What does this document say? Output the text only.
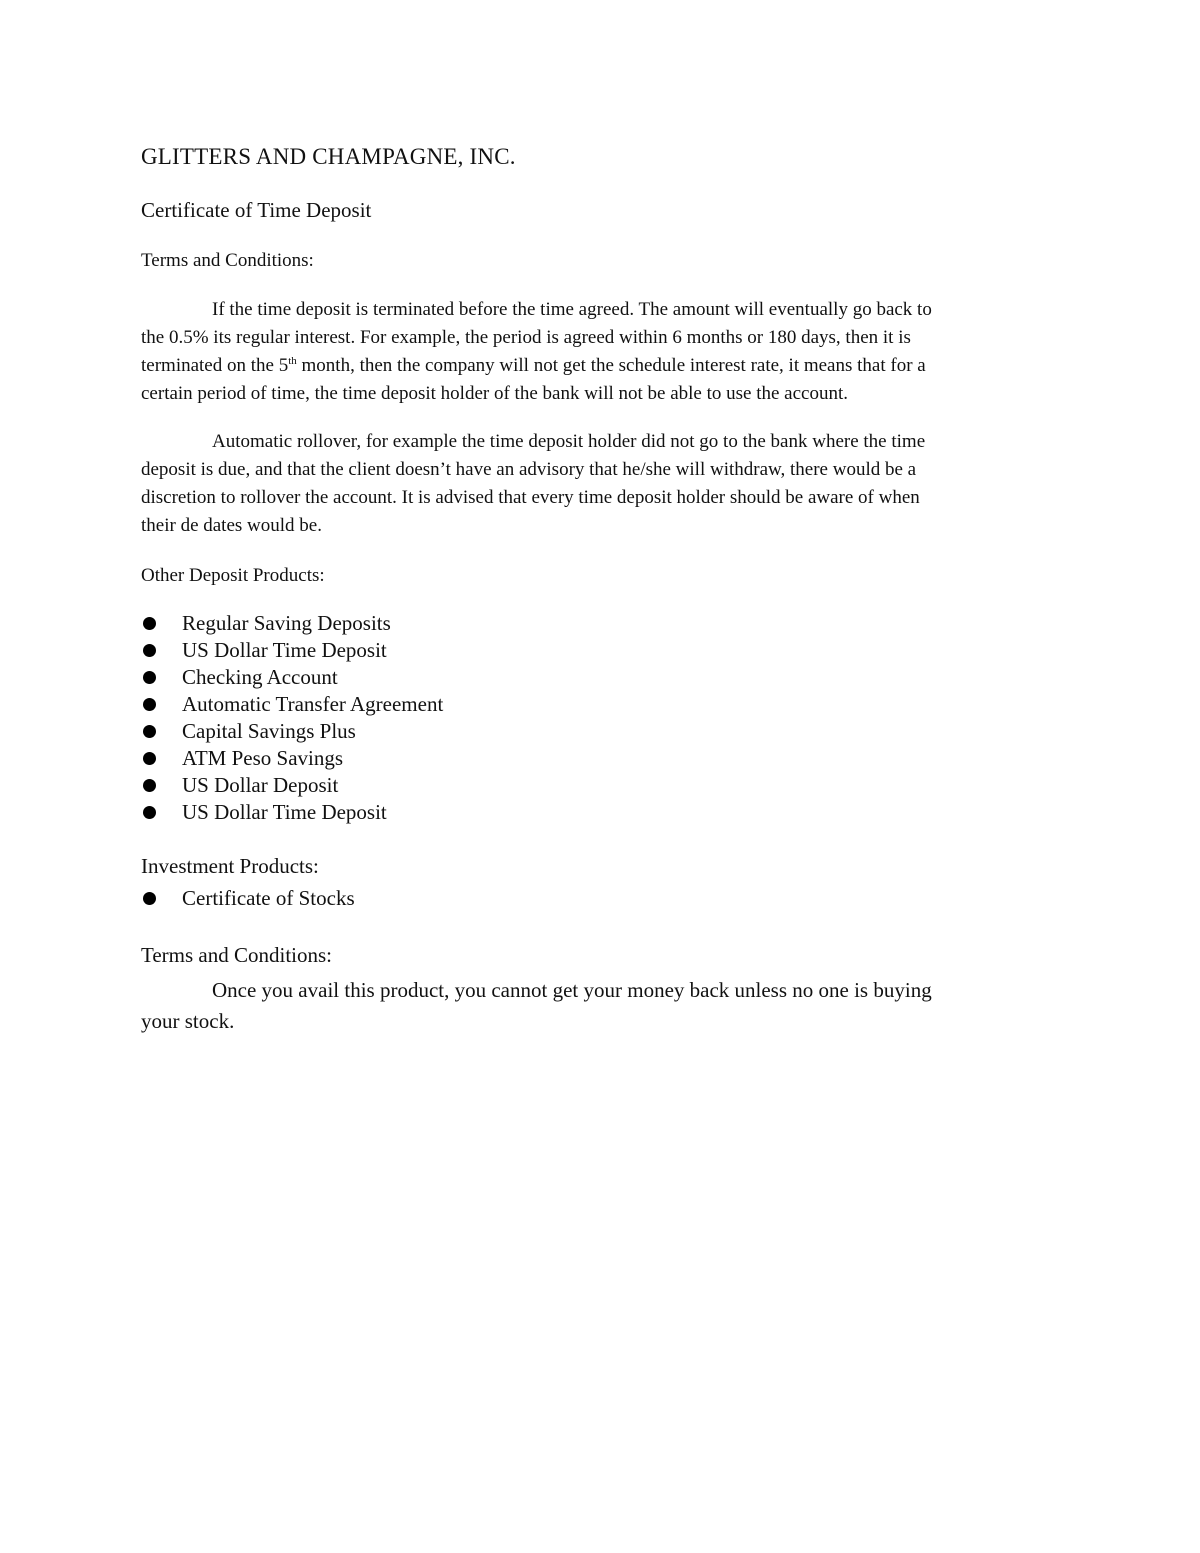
GLITTERS AND CHAMPAGNE, INC.
Certificate of Time Deposit
Terms and Conditions:
If the time deposit is terminated before the time agreed. The amount will eventually go back to
the 0.5% its regular interest. For example, the period is agreed within 6 months or 180 days, then it is
terminated on the 5th month, then the company will not get the schedule interest rate, it means that for a
certain period of time, the time deposit holder of the bank will not be able to use the account.
Automatic rollover, for example the time deposit holder did not go to the bank where the time
deposit is due, and that the client doesn’t have an advisory that he/she will withdraw, there would be a
discretion to rollover the account. It is advised that every time deposit holder should be aware of when
their de dates would be.
Other Deposit Products:
Regular Saving Deposits
US Dollar Time Deposit
Checking Account
Automatic Transfer Agreement
Capital Savings Plus
ATM Peso Savings
US Dollar Deposit
US Dollar Time Deposit
Investment Products:
Certificate of Stocks
Terms and Conditions:
Once you avail this product, you cannot get your money back unless no one is buying
your stock.
